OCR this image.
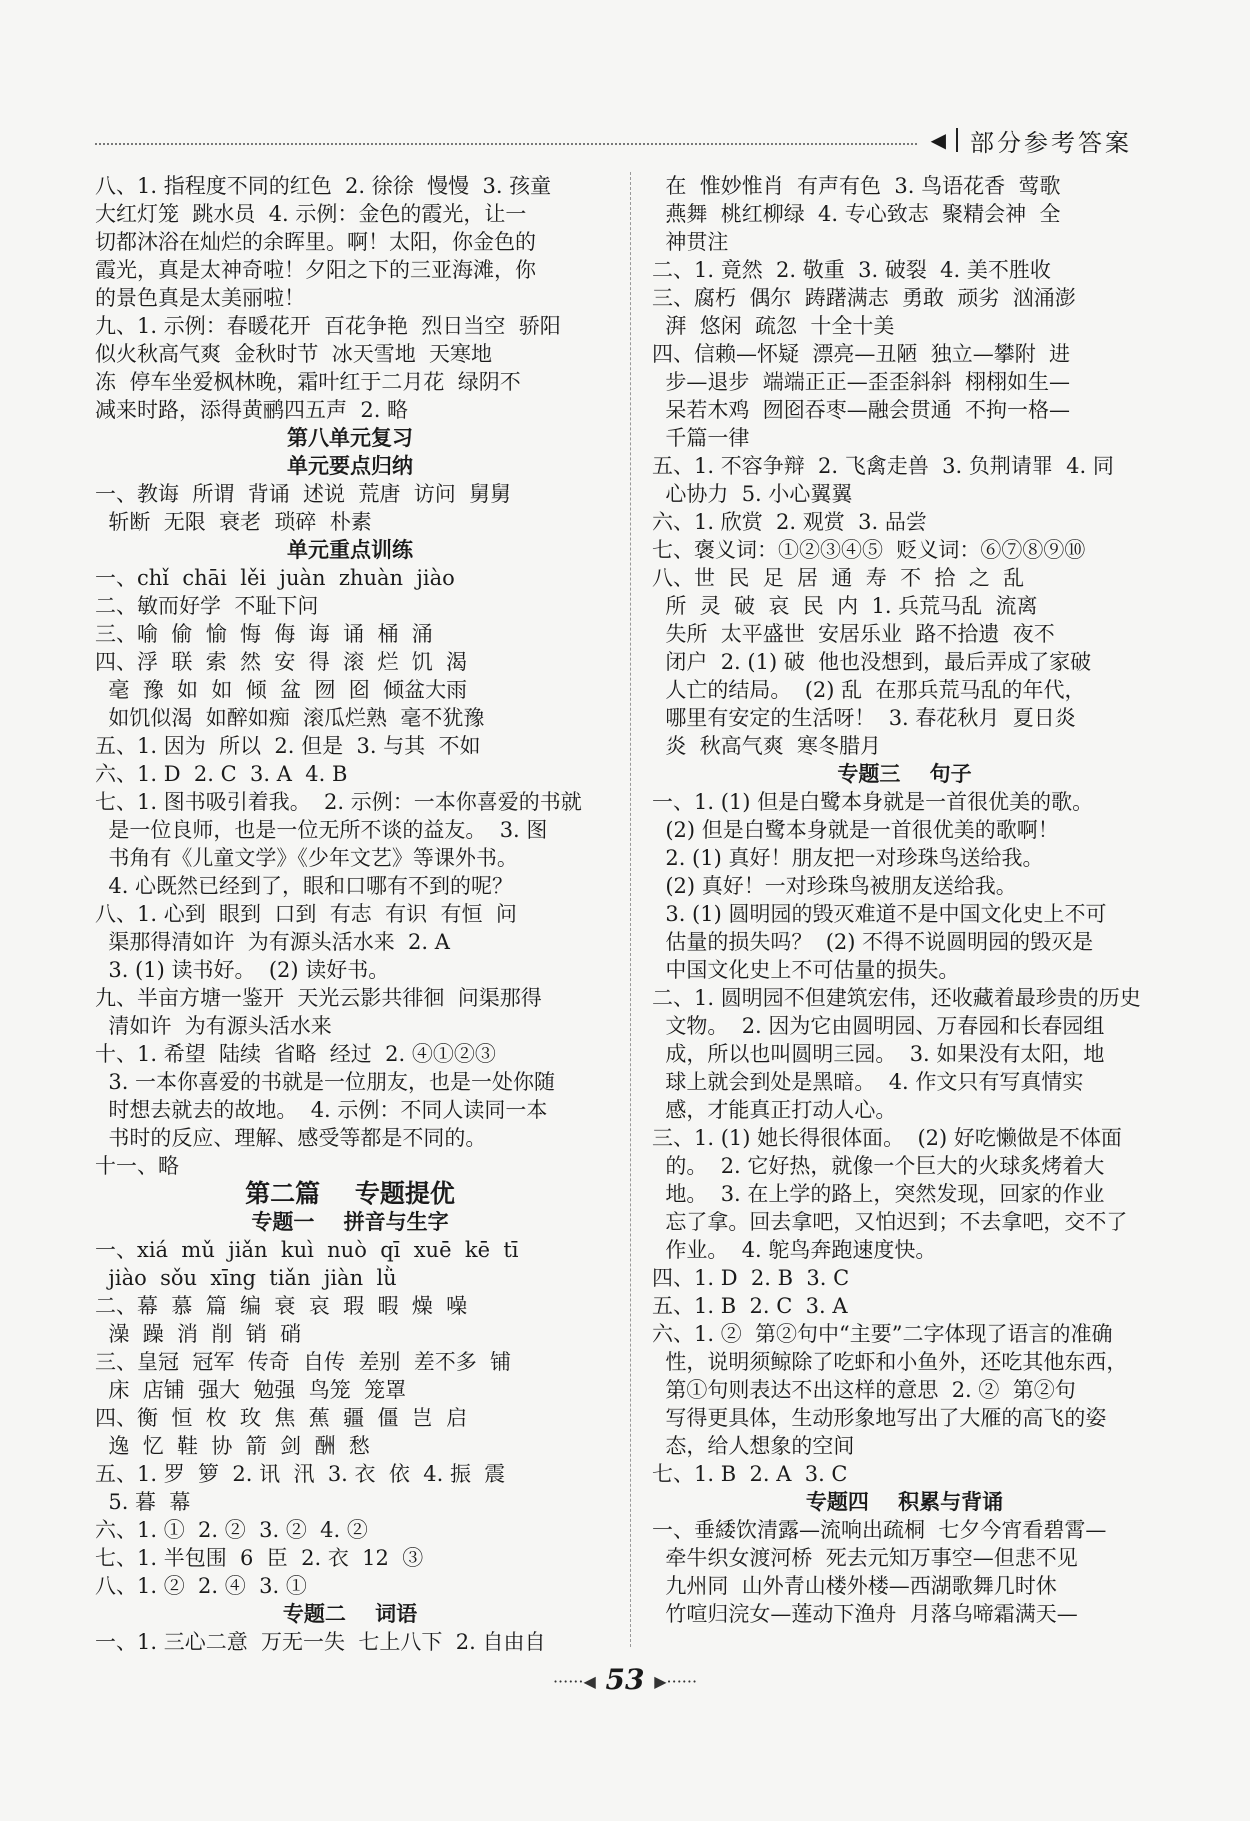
◀ 部分参考答案
八、1. 指程度不同的红色  2. 徐徐  慢慢  3. 孩童
大红灯笼  跳水员  4. 示例：金色的霞光，让一
切都沐浴在灿烂的余晖里。啊！太阳，你金色的
霞光，真是太神奇啦！夕阳之下的三亚海滩，你
的景色真是太美丽啦！
九、1. 示例：春暖花开  百花争艳  烈日当空  骄阳
似火秋高气爽  金秋时节  冰天雪地  天寒地
冻  停车坐爱枫林晚，霜叶红于二月花  绿阴不
减来时路，添得黄鹂四五声  2. 略
第八单元复习
单元要点归纳
一、教诲  所谓  背诵  述说  荒唐  访问  舅舅
斩断  无限  衰老  琐碎  朴素
单元重点训练
一、chǐ  chāi  lěi  juàn  zhuàn  jiào
二、敏而好学  不耻下问
三、喻  偷  愉  悔  侮  诲  诵  桶  涌
四、浮  联  索  然  安  得  滚  烂  饥  渴
毫  豫  如  如  倾  盆  囫  囵  倾盆大雨
如饥似渴  如醉如痴  滚瓜烂熟  毫不犹豫
五、1. 因为  所以  2. 但是  3. 与其  不如
六、1. D  2. C  3. A  4. B
七、1. 图书吸引着我。  2. 示例：一本你喜爱的书就
是一位良师，也是一位无所不谈的益友。  3. 图
书角有《儿童文学》《少年文艺》等课外书。
4. 心既然已经到了，眼和口哪有不到的呢？
八、1. 心到  眼到  口到  有志  有识  有恒  问
渠那得清如许  为有源头活水来  2. A
3. (1) 读书好。  (2) 读好书。
九、半亩方塘一鉴开  天光云影共徘徊  问渠那得
清如许  为有源头活水来
十、1. 希望  陆续  省略  经过  2. ④①②③
3. 一本你喜爱的书就是一位朋友，也是一处你随
时想去就去的故地。  4. 示例：不同人读同一本
书时的反应、理解、感受等都是不同的。
十一、略
第二篇    专题提优
专题一    拼音与生字
一、xiá  mǔ  jiǎn  kuì  nuò  qī  xuē  kē  tī
jiào  sǒu  xīng  tiǎn  jiàn  lǜ
二、幕  慕  篇  编  衰  哀  瑕  暇  燥  噪
澡  躁  消  削  销  硝
三、皇冠  冠军  传奇  自传  差别  差不多  铺
床  店铺  强大  勉强  鸟笼  笼罩
四、衡  恒  枚  玫  焦  蕉  疆  僵  岂  启
逸  忆  鞋  协  箭  剑  酬  愁
五、1. 罗  箩  2. 讯  汛  3. 衣  依  4. 振  震
5. 暮  幕
六、1. ①  2. ②  3. ②  4. ②
七、1. 半包围  6  臣  2. 衣  12  ③
八、1. ②  2. ④  3. ①
专题二    词语
一、1. 三心二意  万无一失  七上八下  2. 自由自
在  惟妙惟肖  有声有色  3. 鸟语花香  莺歌
燕舞  桃红柳绿  4. 专心致志  聚精会神  全
神贯注
二、1. 竟然  2. 敬重  3. 破裂  4. 美不胜收
三、腐朽  偶尔  踌躇满志  勇敢  顽劣  汹涌澎
湃  悠闲  疏忽  十全十美
四、信赖—怀疑  漂亮—丑陋  独立—攀附  进
步—退步  端端正正—歪歪斜斜  栩栩如生—
呆若木鸡  囫囵吞枣—融会贯通  不拘一格—
千篇一律
五、1. 不容争辩  2. 飞禽走兽  3. 负荆请罪  4. 同
心协力  5. 小心翼翼
六、1. 欣赏  2. 观赏  3. 品尝
七、褒义词：①②③④⑤  贬义词：⑥⑦⑧⑨⑩
八、世  民  足  居  通  寿  不  拾  之  乱
所  灵  破  哀  民  内  1. 兵荒马乱  流离
失所  太平盛世  安居乐业  路不拾遗  夜不
闭户  2. (1) 破  他也没想到，最后弄成了家破
人亡的结局。  (2) 乱  在那兵荒马乱的年代，
哪里有安定的生活呀！  3. 春花秋月  夏日炎
炎  秋高气爽  寒冬腊月
专题三    句子
一、1. (1) 但是白鹭本身就是一首很优美的歌。
(2) 但是白鹭本身就是一首很优美的歌啊！
2. (1) 真好！朋友把一对珍珠鸟送给我。
(2) 真好！一对珍珠鸟被朋友送给我。
3. (1) 圆明园的毁灭难道不是中国文化史上不可
估量的损失吗？  (2) 不得不说圆明园的毁灭是
中国文化史上不可估量的损失。
二、1. 圆明园不但建筑宏伟，还收藏着最珍贵的历史
文物。  2. 因为它由圆明园、万春园和长春园组
成，所以也叫圆明三园。  3. 如果没有太阳，地
球上就会到处是黑暗。  4. 作文只有写真情实
感，才能真正打动人心。
三、1. (1) 她长得很体面。  (2) 好吃懒做是不体面
的。  2. 它好热，就像一个巨大的火球炙烤着大
地。  3. 在上学的路上，突然发现，回家的作业
忘了拿。回去拿吧，又怕迟到；不去拿吧，交不了
作业。  4. 鸵鸟奔跑速度快。
四、1. D  2. B  3. C
五、1. B  2. C  3. A
六、1. ②  第②句中“主要”二字体现了语言的准确
性，说明须鲸除了吃虾和小鱼外，还吃其他东西，
第①句则表达不出这样的意思  2. ②  第②句
写得更具体，生动形象地写出了大雁的高飞的姿
态，给人想象的空间
七、1. B  2. A  3. C
专题四    积累与背诵
一、垂緌饮清露—流响出疏桐  七夕今宵看碧霄—
牵牛织女渡河桥  死去元知万事空—但悲不见
九州同  山外青山楼外楼—西湖歌舞几时休
竹喧归浣女—莲动下渔舟  月落乌啼霜满天—
······◀ 53 ▶······
